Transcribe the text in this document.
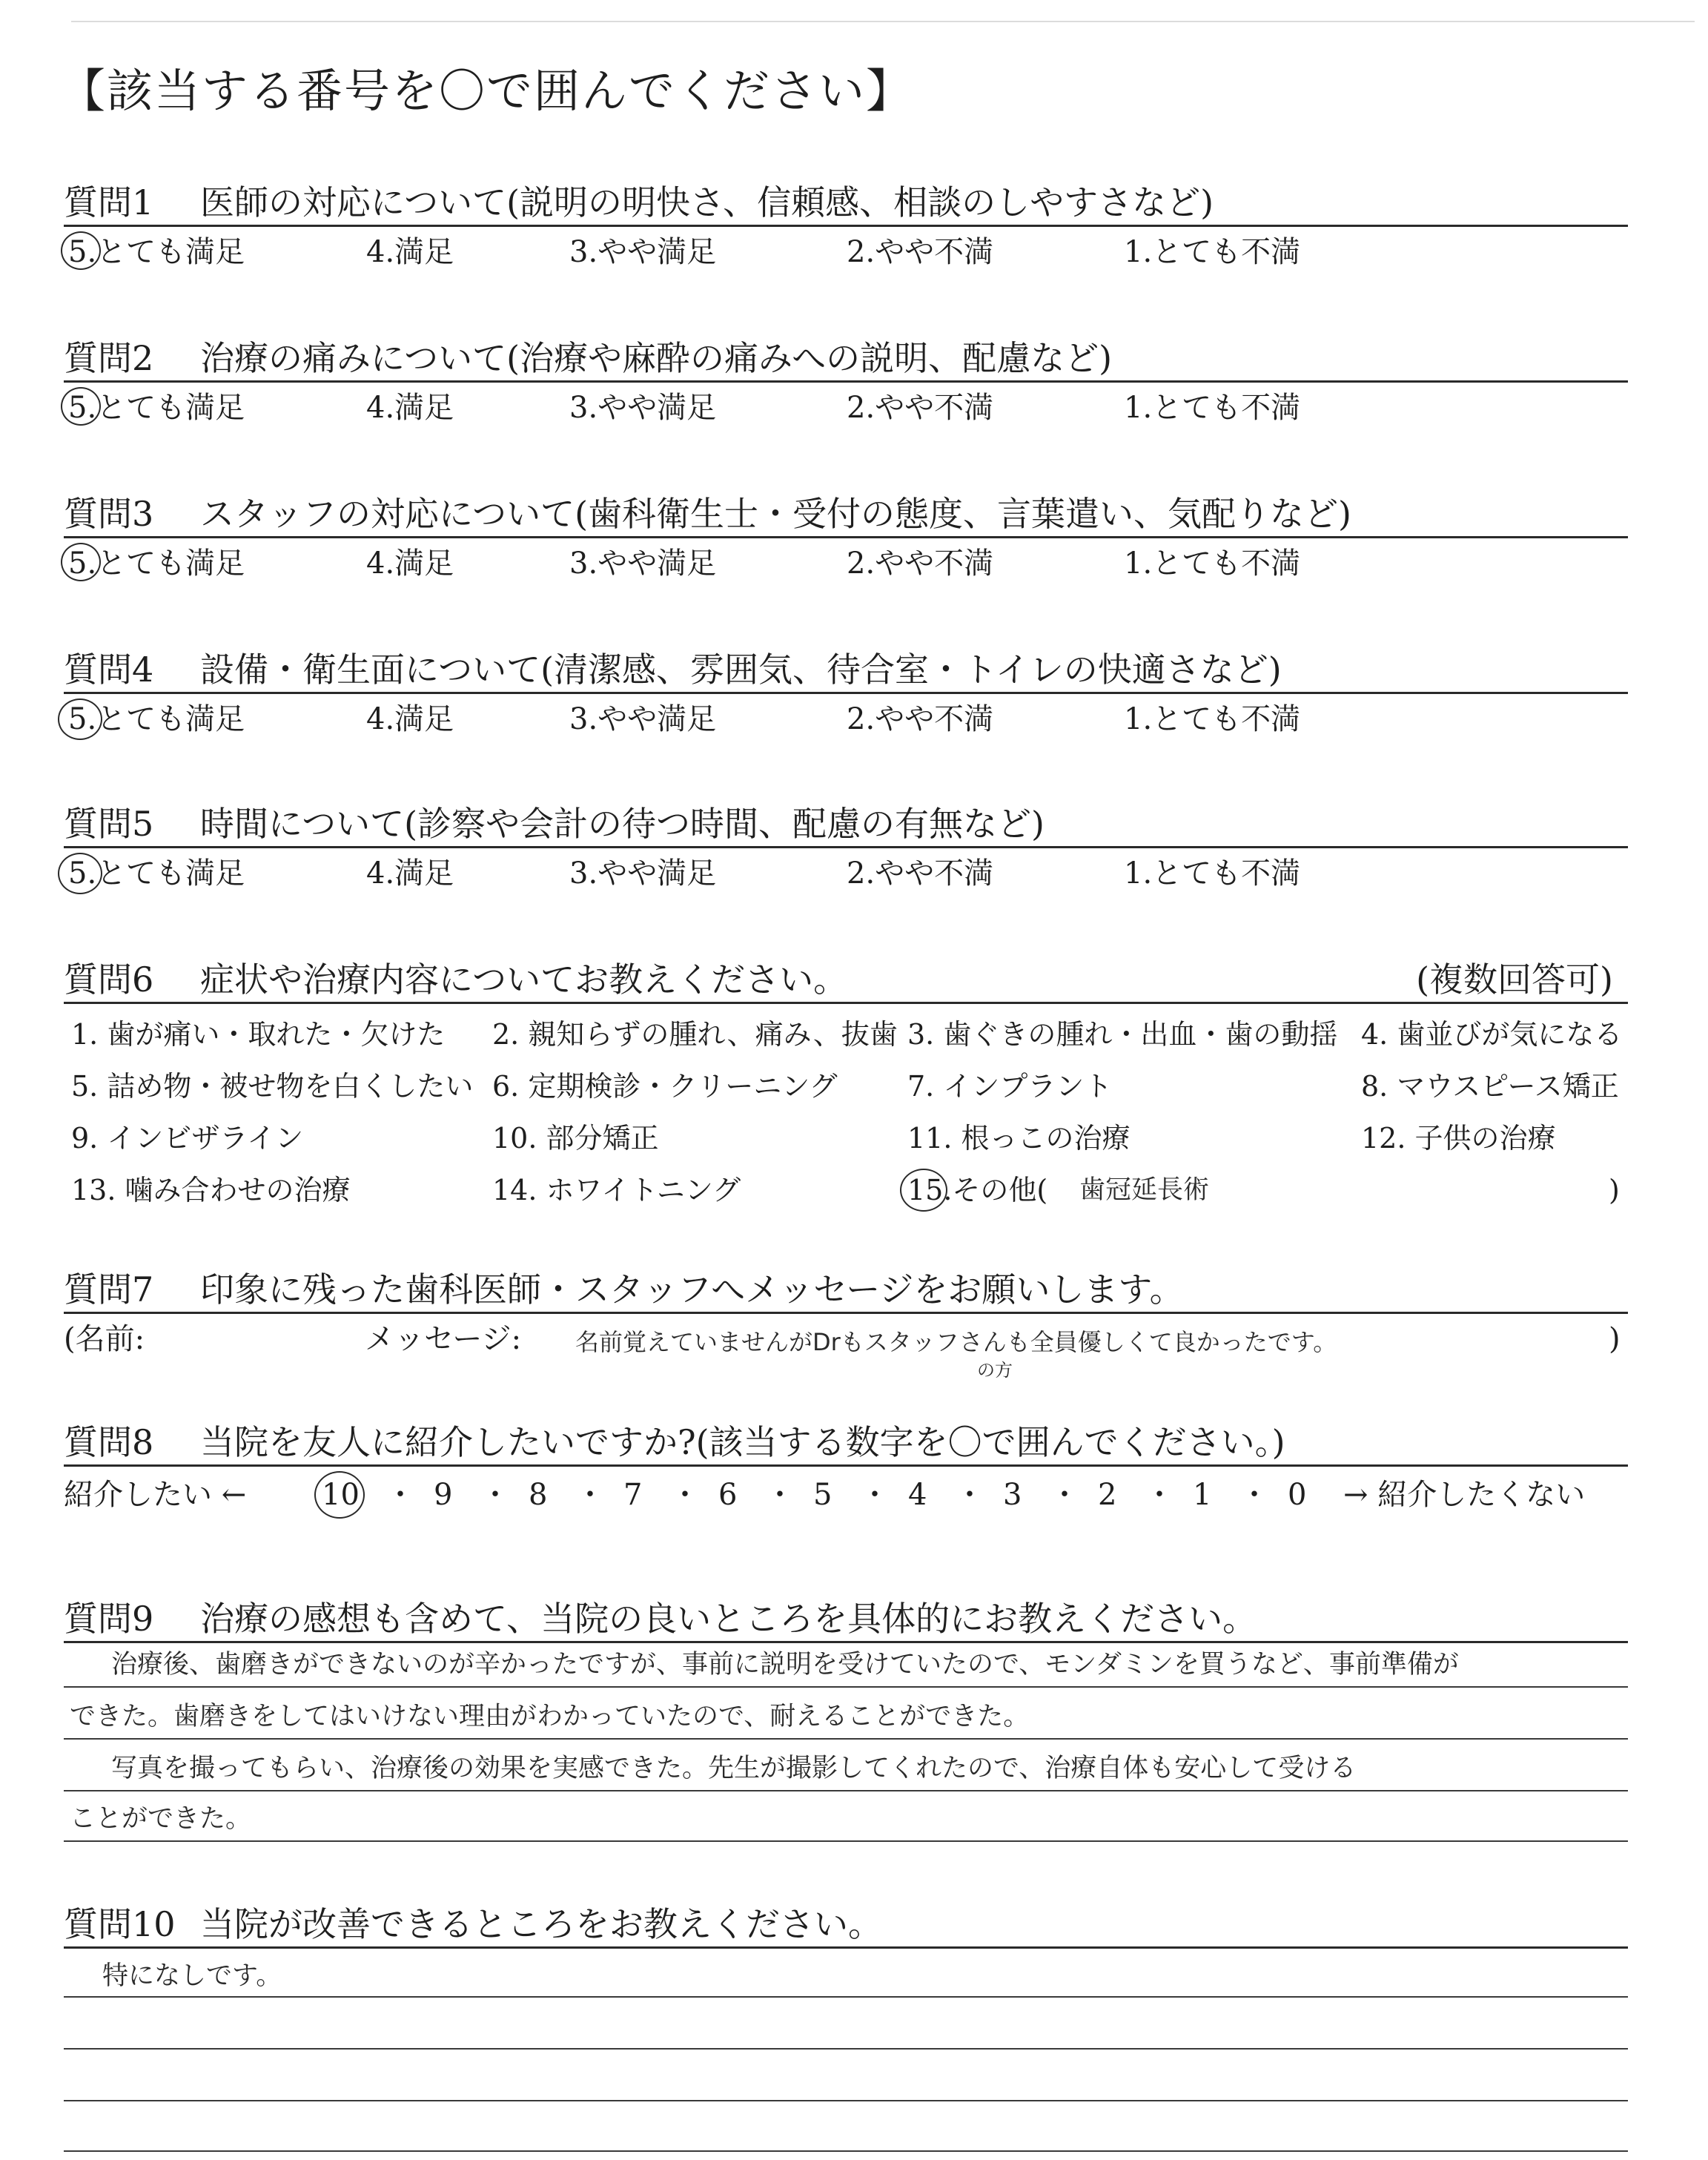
【該当する番号を〇で囲んでください】
質問1 医師の対応について(説明の明快さ、信頼感、相談のしやすさなど)
5.とても満足	4.満足	3.やや満足	2.やや不満	1.とても不満
質問2 治療の痛みについて(治療や麻酔の痛みへの説明、配慮など)
5.とても満足	4.満足	3.やや満足	2.やや不満	1.とても不満
質問3 スタッフの対応について(歯科衛生士・受付の態度、言葉遣い、気配りなど)
5.とても満足	4.満足	3.やや満足	2.やや不満	1.とても不満
質問4 設備・衛生面について(清潔感、雰囲気、待合室・トイレの快適さなど)
5.とても満足	4.満足	3.やや満足	2.やや不満	1.とても不満
質問5 時間について(診察や会計の待つ時間、配慮の有無など)
5.とても満足	4.満足	3.やや満足	2.やや不満	1.とても不満
質問6 症状や治療内容についてお教えください。	(複数回答可)
1. 歯が痛い・取れた・欠けた 2. 親知らずの腫れ、痛み、抜歯 3. 歯ぐきの腫れ・出血・歯の動揺 4. 歯並びが気になる
5. 詰め物・被せ物を白くしたい 6. 定期検診・クリーニング 7. インプラント	8. マウスピース矯正
9. インビザライン	10. 部分矯正	11. 根っこの治療	12. 子供の治療
13. 噛み合わせの治療	14. ホワイトニング	15.その他( 歯冠延長術	)
質問7 印象に残った歯科医師・スタッフへメッセージをお願いします。
(名前:	メッセージ: 名前覚えていませんがDrもスタッフさんも全員優しくて良かったです。
の方
)
質問8 当院を友人に紹介したいですか?(該当する数字を〇で囲んでください。)
紹介したい ←	10 ・ 9 ・ 8 ・ 7 ・ 6 ・ 5 ・ 4 ・ 3 ・ 2 ・ 1 ・ 0 → 紹介したくない
質問9 治療の感想も含めて、当院の良いところを具体的にお教えください。
治療後、歯磨きができないのが辛かったですが、事前に説明を受けていたので、モンダミンを買うなど、事前準備が
できた。歯磨きをしてはいけない理由がわかっていたので、耐えることができた。
写真を撮ってもらい、治療後の効果を実感できた。先生が撮影してくれたので、治療自体も安心して受ける
ことができた。
質問10 当院が改善できるところをお教えください。
特になしです。
